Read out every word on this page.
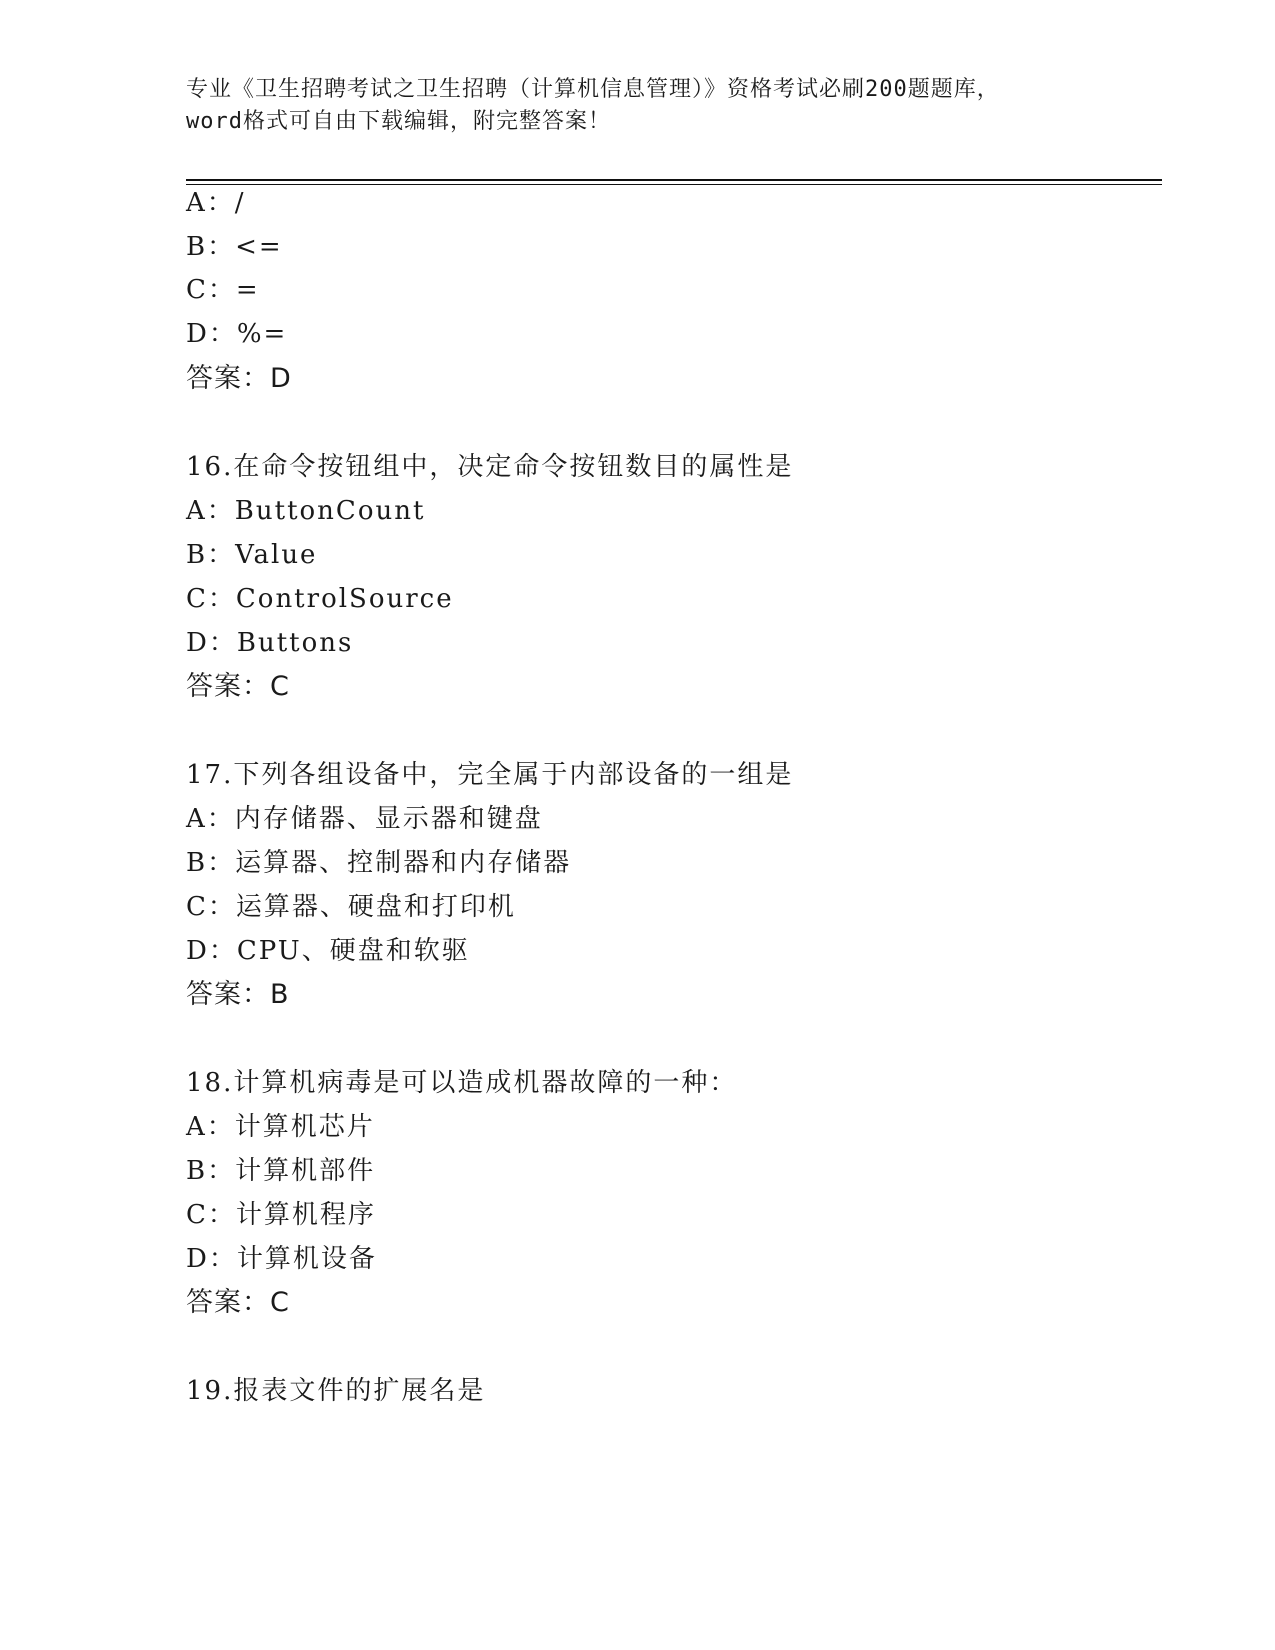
专业《卫生招聘考试之卫生招聘（计算机信息管理）》资格考试必刷200题题库，
word格式可自由下载编辑，附完整答案！
A：/
B：<=
C：=
D：%=
答案：D
16.在命令按钮组中，决定命令按钮数目的属性是
A：ButtonCount
B：Value
C：ControlSource
D：Buttons
答案：C
17.下列各组设备中，完全属于内部设备的一组是
A：内存储器、显示器和键盘
B：运算器、控制器和内存储器
C：运算器、硬盘和打印机
D：CPU、硬盘和软驱
答案：B
18.计算机病毒是可以造成机器故障的一种：
A：计算机芯片
B：计算机部件
C：计算机程序
D：计算机设备
答案：C
19.报表文件的扩展名是
